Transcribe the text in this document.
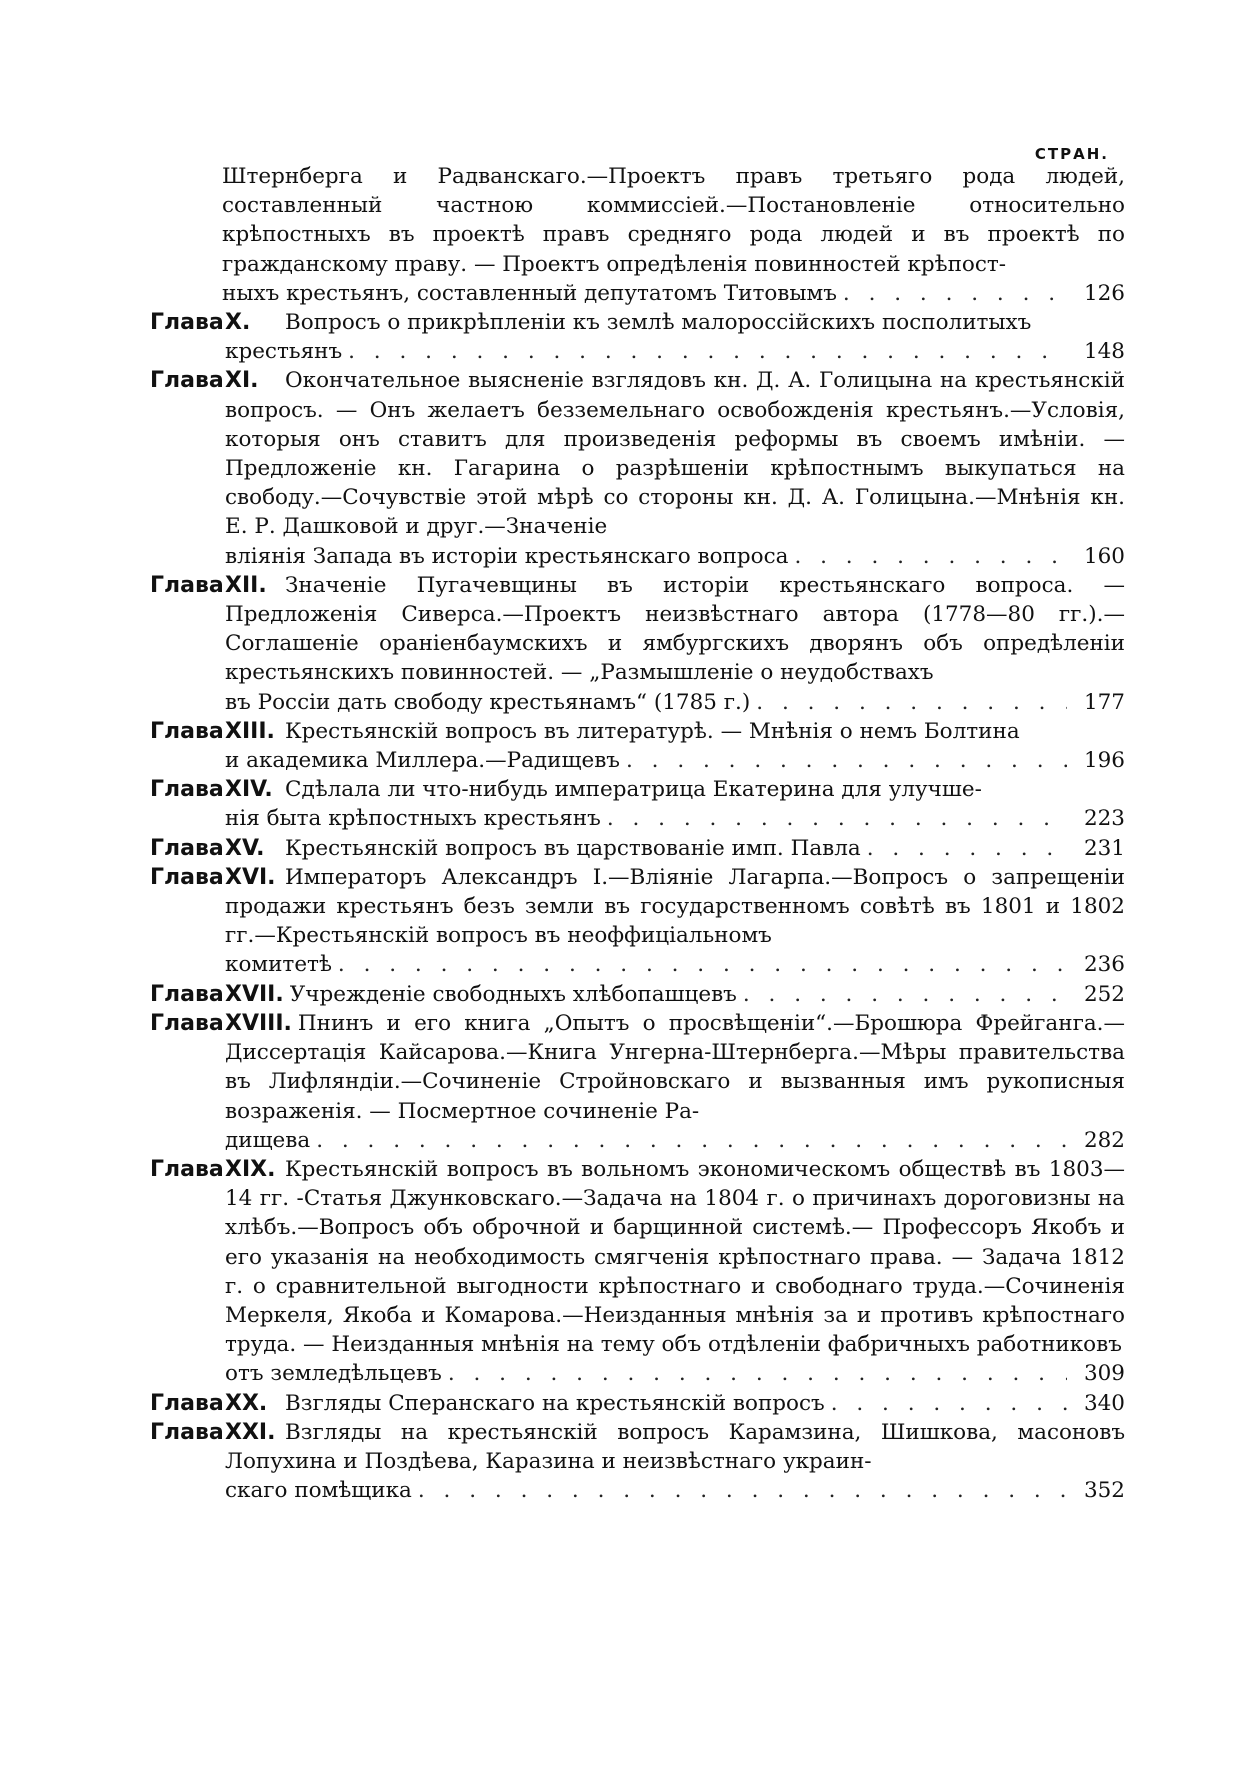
СТРАН.

Штернберга и Радванскаго.—Проектъ правъ третьяго рода людей, составленный частною коммиссіей.—Постановленіе относительно крѣпостныхъ въ проектѣ правъ средняго рода людей и въ проектѣ по гражданскому праву. — Проектъ опредѣленія повинностей крѣпост-

ныхъ крестьянъ, составленный депутатомъ Титовымъ . . .	126

ГлаваX. Вопросъ о прикрѣпленіи къ землѣ малороссійскихъ посполитыхъ

крестьянъ . . .	148

ГлаваXI. Окончательное выясненіе взглядовъ кн. Д. А. Голицына на крестьянскій вопросъ. — Онъ желаетъ безземельнаго освобожденія крестьянъ.—Условія, которыя онъ ставитъ для произведенія реформы въ своемъ имѣніи. — Предложеніе кн. Гагарина о разрѣшеніи крѣпостнымъ выкупаться на свободу.—Сочувствіе этой мѣрѣ со стороны кн. Д. А. Голицына.—Мнѣнія кн. Е. Р. Дашковой и друг.—Значеніе

вліянія Запада въ исторіи крестьянскаго вопроса . . .	160

ГлаваXII. Значеніе Пугачевщины въ исторіи крестьянскаго вопроса. — Предложенія Сиверса.—Проектъ неизвѣстнаго автора (1778—80 гг.).— Соглашеніе ораніенбаумскихъ и ямбургскихъ дворянъ объ опредѣленіи крестьянскихъ повинностей. — „Размышленіе о неудобствахъ

въ Россіи дать свободу крестьянамъ“ (1785 г.) . . .	177

ГлаваXIII. Крестьянскій вопросъ въ литературѣ. — Мнѣнія о немъ Болтина

и академика Миллера.—Радищевъ . . .	196

ГлаваXIV. Сдѣлала ли что-нибудь императрица Екатерина для улучше-

нія быта крѣпостныхъ крестьянъ . . .	223
Глава XV. Крестьянскій вопросъ въ царствованіе имп. Павла . . .	231

ГлаваXVI. Императоръ Александръ I.—Вліяніе Лагарпа.—Вопросъ о запрещеніи продажи крестьянъ безъ земли въ государственномъ совѣтѣ въ 1801 и 1802 гг.—Крестьянскій вопросъ въ неоффиціальномъ

комитетѣ . . .	236
Глава XVII. Учрежденіе свободныхъ хлѣбопашцевъ . . .	252

ГлаваXVIII. Пнинъ и его книга „Опытъ о просвѣщеніи“.—Брошюра Фрейганга.—Диссертація Кайсарова.—Книга Унгерна-Штернберга.—Мѣры правительства въ Лифляндіи.—Сочиненіе Стройновскаго и вызванныя имъ рукописныя возраженія. — Посмертное сочиненіе Ра-

дищева . . .	282

ГлаваXIX. Крестьянскій вопросъ въ вольномъ экономическомъ обществѣ въ 1803—14 гг. -Статья Джунковскаго.—Задача на 1804 г. о причинахъ дороговизны на хлѣбъ.—Вопросъ объ оброчной и барщинной системѣ.— Профессоръ Якобъ и его указанія на необходимость смягченія крѣпостнаго права. — Задача 1812 г. о сравнительной выгодности крѣпостнаго и свободнаго труда.—Сочиненія Меркеля, Якоба и Комарова.—Неизданныя мнѣнія за и противъ крѣпостнаго труда. — Неизданныя мнѣнія на тему объ отдѣленіи фабричныхъ работниковъ

отъ земледѣльцевъ . . .	309
Глава XX. Взгляды Сперанскаго на крестьянскій вопросъ . . .	340

ГлаваXXI. Взгляды на крестьянскій вопросъ Карамзина, Шишкова, масоновъ Лопухина и Поздѣева, Каразина и неизвѣстнаго украин-

скаго помѣщика . . .	352
